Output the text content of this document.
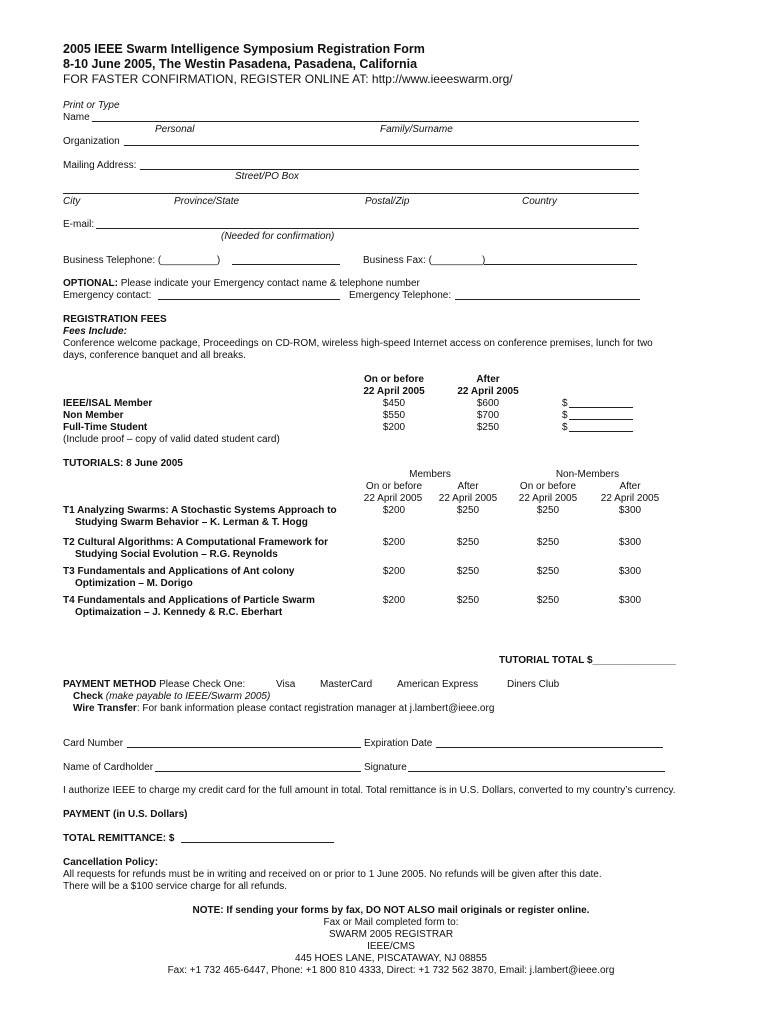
2005 IEEE Swarm Intelligence Symposium Registration Form
8-10 June 2005, The Westin Pasadena, Pasadena, California
FOR FASTER CONFIRMATION, REGISTER ONLINE AT: http://www.ieeeswarm.org/
Print or Type
Name
Personal	Family/Surname
Organization
Mailing Address:
Street/PO Box
City	Province/State	Postal/Zip	Country
E-mail:
(Needed for confirmation)
Business Telephone: (__________)	Business Fax: (_________)
OPTIONAL: Please indicate your Emergency contact name & telephone number
Emergency contact:	Emergency Telephone:
REGISTRATION FEES
Fees Include:
Conference welcome package, Proceedings on CD-ROM, wireless high-speed Internet access on conference premises, lunch for two days, conference banquet and all breaks.
On or before
22 April 2005
After
22 April 2005
IEEE/ISAL Member	$450	$600	$
Non Member	$550	$700	$
Full-Time Student	$200	$250	$
(Include proof – copy of valid dated student card)
TUTORIALS: 8 June 2005
Members	Non-Members
On or before	After	On or before	After
22 April 2005	22 April 2005	22 April 2005	22 April 2005
T1 Analyzing Swarms: A Stochastic Systems Approach to
Studying Swarm Behavior – K. Lerman & T. Hogg
$200	$250	$250	$300
T2 Cultural Algorithms: A Computational Framework for
Studying Social Evolution – R.G. Reynolds
$200	$250	$250	$300
T3 Fundamentals and Applications of Ant colony
Optimization – M. Dorigo
$200	$250	$250	$300
T4 Fundamentals and Applications of Particle Swarm
Optimaization – J. Kennedy & R.C. Eberhart
$200	$250	$250	$300
TUTORIAL TOTAL $_______________
PAYMENT METHOD Please Check One:	Visa MasterCard American Express	Diners Club
Check (make payable to IEEE/Swarm 2005)
Wire Transfer: For bank information please contact registration manager at j.lambert@ieee.org
Card Number	Expiration Date
Name of Cardholder	Signature
I authorize IEEE to charge my credit card for the full amount in total. Total remittance is in U.S. Dollars, converted to my country’s currency.
PAYMENT (in U.S. Dollars)
TOTAL REMITTANCE: $
Cancellation Policy:
All requests for refunds must be in writing and received on or prior to 1 June 2005. No refunds will be given after this date.
There will be a $100 service charge for all refunds.
NOTE: If sending your forms by fax, DO NOT ALSO mail originals or register online.
Fax or Mail completed form to:
SWARM 2005 REGISTRAR
IEEE/CMS
445 HOES LANE, PISCATAWAY, NJ 08855
Fax: +1 732 465-6447, Phone: +1 800 810 4333, Direct: +1 732 562 3870, Email: j.lambert@ieee.org
